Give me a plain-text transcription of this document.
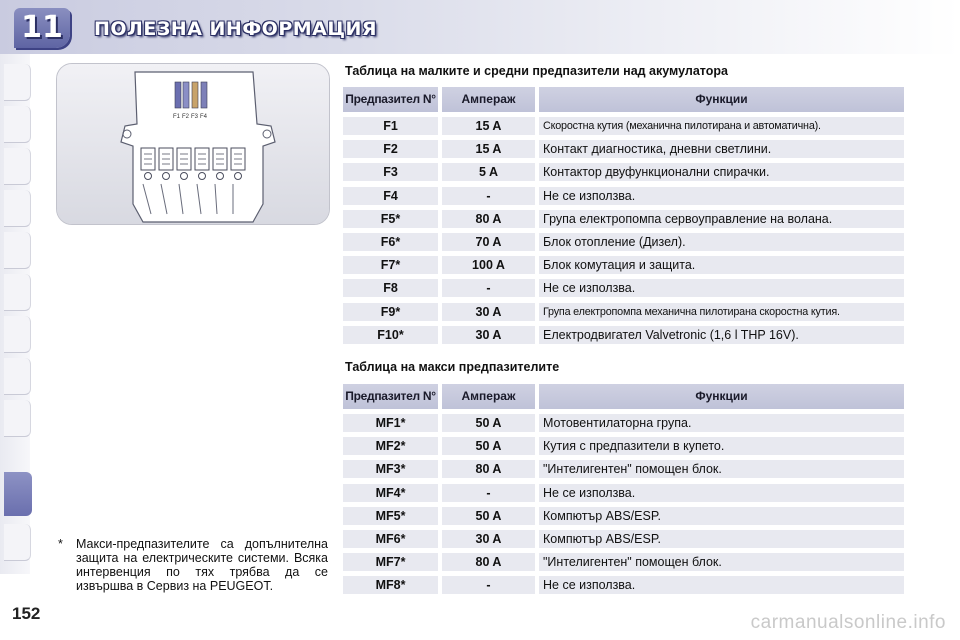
11	ПОЛЕЗНА ИНФОРМАЦИЯ
152
F1 F2 F3 F4
*	Макси-предпазителите са допълнителна защита на електрическите системи. Всяка интервенция по тях трябва да се извършва в Сервиз на PEUGEOT.
Таблица на малките и средни предпазители над акумулатора
Предпазител N°	Ампераж	Функции
F1	15 A	Скоростна кутия (механична пилотирана и автоматична).
F2	15 A	Контакт диагностика, дневни светлини.
F3	5 A	Контактор двуфункционални спирачки.
F4	-	Не се използва.
F5*	80 A	Група електропомпа сервоуправление на волана.
F6*	70 A	Блок отопление (Дизел).
F7*	100 A	Блок комутация и защита.
F8	-	Не се използва.
F9*	30 A	Група електропомпа механична пилотирана скоростна кутия.
F10*	30 A	Електродвигател Valvetronic (1,6 l THP 16V).
Таблица на макси предпазителите
Предпазител N°	Ампераж	Функции
MF1*	50 A	Мотовентилаторна група.
MF2*	50 A	Кутия с предпазители в купето.
MF3*	80 A	"Интелигентен" помощен блок.
MF4*	-	Не се използва.
MF5*	50 A	Компютър ABS/ESP.
MF6*	30 A	Компютър ABS/ESP.
MF7*	80 A	"Интелигентен" помощен блок.
MF8*	-	Не се използва.
carmanualsonline.info
